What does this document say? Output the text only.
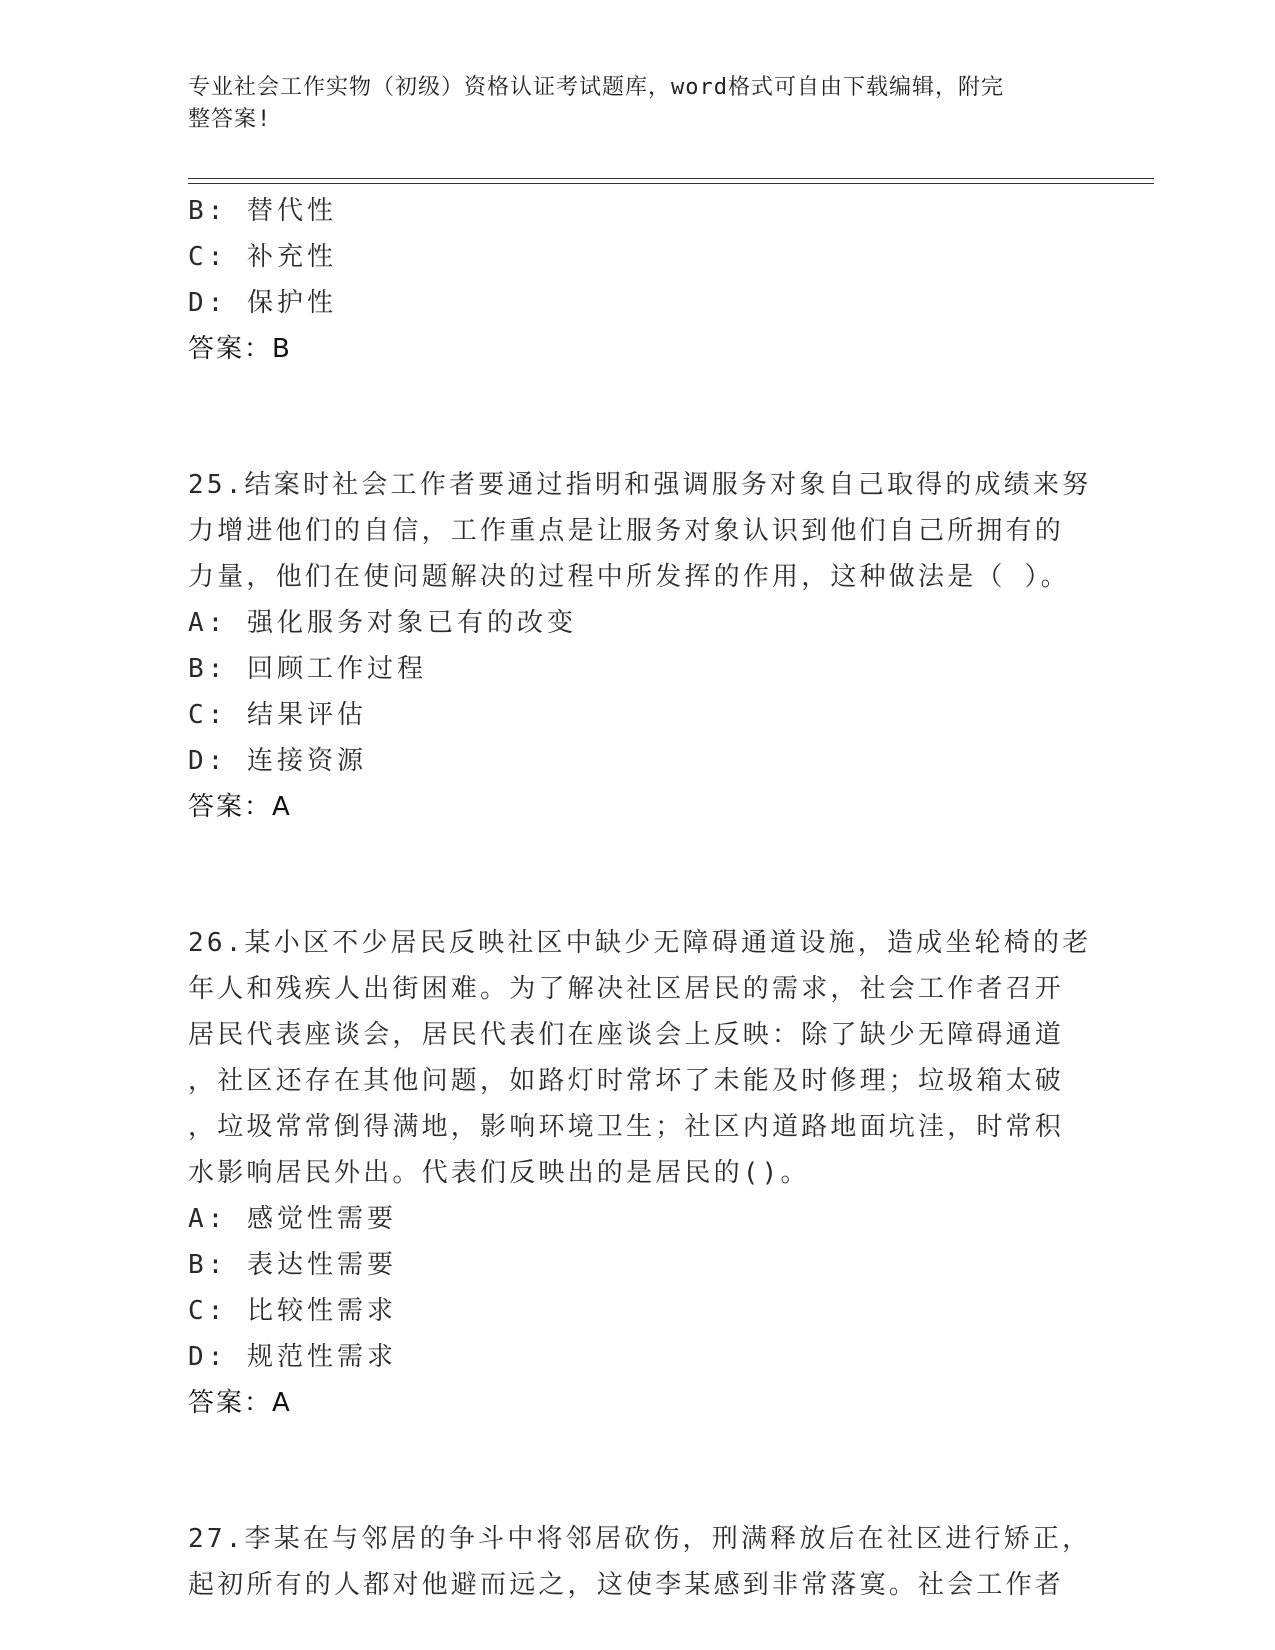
专业社会工作实物（初级）资格认证考试题库，word格式可自由下载编辑，附完
整答案!
B: 替代性
C: 补充性
D: 保护性
答案：B
25.结案时社会工作者要通过指明和强调服务对象自己取得的成绩来努
力增进他们的自信，工作重点是让服务对象认识到他们自己所拥有的
力量，他们在使问题解决的过程中所发挥的作用，这种做法是（ ）。
A: 强化服务对象已有的改变
B: 回顾工作过程
C: 结果评估
D: 连接资源
答案：A
26.某小区不少居民反映社区中缺少无障碍通道设施，造成坐轮椅的老
年人和残疾人出街困难。为了解决社区居民的需求，社会工作者召开
居民代表座谈会，居民代表们在座谈会上反映：除了缺少无障碍通道
，社区还存在其他问题，如路灯时常坏了未能及时修理；垃圾箱太破
，垃圾常常倒得满地，影响环境卫生；社区内道路地面坑洼，时常积
水影响居民外出。代表们反映出的是居民的()。
A: 感觉性需要
B: 表达性需要
C: 比较性需求
D: 规范性需求
答案：A
27.李某在与邻居的争斗中将邻居砍伤，刑满释放后在社区进行矫正，
起初所有的人都对他避而远之，这使李某感到非常落寞。社会工作者
